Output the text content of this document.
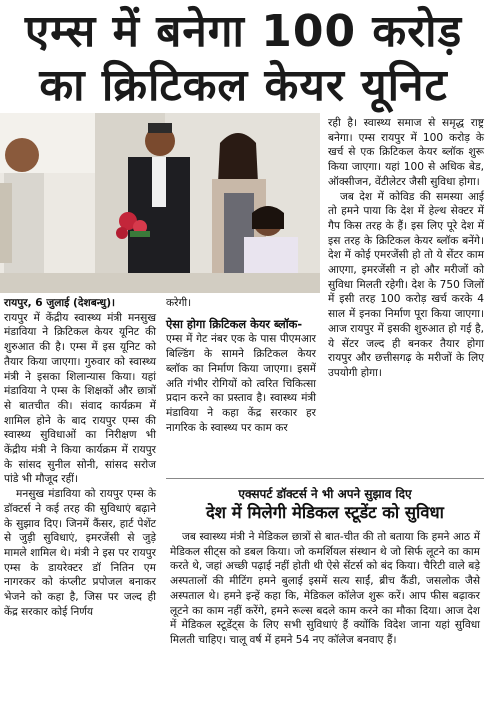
एम्स में बनेगा 100 करोड़
का क्रिटिकल केयर यूनिट

रायपुर, 6 जुलाई (देशबन्धु)।

रायपुर में केंद्रीय स्वास्थ्य मंत्री मनसुख मंडाविया ने क्रिटिकल केयर यूनिट की शुरुआत की है। एम्स में इस यूनिट को तैयार किया जाएगा। गुरुवार को स्वास्थ्य मंत्री ने इसका शिलान्यास किया। यहां मंडाविया ने एम्स के शिक्षकों और छात्रों से बातचीत की। संवाद कार्यक्रम में शामिल होने के बाद रायपुर एम्स की स्वास्थ्य सुविधाओं का निरीक्षण भी केंद्रीय मंत्री ने किया कार्यक्रम में रायपुर के सांसद सुनील सोनी, सांसद सरोज पांडे भी मौजूद रहीं।

मनसुख मंडाविया को रायपुर एम्स के डॉक्टर्स ने कई तरह की सुविधाएं बढ़ाने के सुझाव दिए। जिनमें कैंसर, हार्ट पेशेंट से जुड़ी सुविधाएं, इमरजेंसी से जुड़े मामले शामिल थे। मंत्री ने इस पर रायपुर एम्स के डायरेक्टर डॉ नितिन एम नागरकर को कंप्लीट प्रपोजल बनाकर भेजने को कहा है, जिस पर जल्द ही केंद्र सरकार कोई निर्णय

करेगी।

ऐसा होगा क्रिटिकल केयर ब्लॉक-

एम्स में गेट नंबर एक के पास पीएमआर बिल्डिंग के सामने क्रिटिकल केयर ब्लॉक का निर्माण किया जाएगा। इसमें अति गंभीर रोगियों को त्वरित चिकित्सा प्रदान करने का प्रस्ताव है। स्वास्थ्य मंत्री मंडाविया ने कहा केंद्र सरकार हर नागरिक के स्वास्थ्य पर काम कर

रही है। स्वास्थ्य समाज से समृद्ध राष्ट्र बनेगा। एम्स रायपुर में 100 करोड़ के खर्च से एक क्रिटिकल केयर ब्लॉक शुरू किया जाएगा। यहां 100 से अधिक बेड, ऑक्सीजन, वेंटीलेटर जैसी सुविधा होगा।

जब देश में कोविड की समस्या आई तो हमने पाया कि देश में हेल्थ सेक्टर में गैप किस तरह के हैं। इस लिए पूरे देश में इस तरह के क्रिटिकल केयर ब्लॉक बनेंगे। देश में कोई एमरजेंसी हो तो ये सेंटर काम आएगा, इमरजेंसी न हो और मरीजों को सुविधा मिलती रहेगी। देश के 750 जिलों में इसी तरह 100 करोड़ खर्च करके 4 साल में इनका निर्माण पूरा किया जाएगा। आज रायपुर में इसकी शुरुआत हो गई है, ये सेंटर जल्द ही बनकर तैयार होगा रायपुर और छत्तीसगढ़ के मरीजों के लिए उपयोगी होगा।

एक्सपर्ट डॉक्टर्स ने भी अपने सुझाव दिए
देश में मिलेगी मेडिकल स्टूडेंट को सुविधा
जब स्वास्थ्य मंत्री ने मेडिकल छात्रों से बात-चीत की तो बताया कि हमने आठ में मेडिकल सीट्स को डबल किया। जो कमर्शियल संस्थान थे जो सिर्फ लूटने का काम करते थे, जहां अच्छी पढ़ाई नहीं होती थी ऐसे सेंटर्स को बंद किया। चैरिटी वाले बड़े अस्पतालों की मीटिंग हमने बुलाई इसमें सत्य साईं, ब्रीच कैंडी, जसलोक जैसे अस्पताल थे। हमने इन्हें कहा कि, मेडिकल कॉलेज शुरू करें। आप फीस बढ़ाकर लूटने का काम नहीं करेंगे, हमने रूल्स बदले काम करने का मौका दिया। आज देश में मेडिकल स्टूडेंट्स के लिए सभी सुविधाएं हैं क्योंकि विदेश जाना यहां सुविधा मिलती चाहिए। चालू वर्ष में हमने 54 नए कॉलेज बनवाए हैं।
